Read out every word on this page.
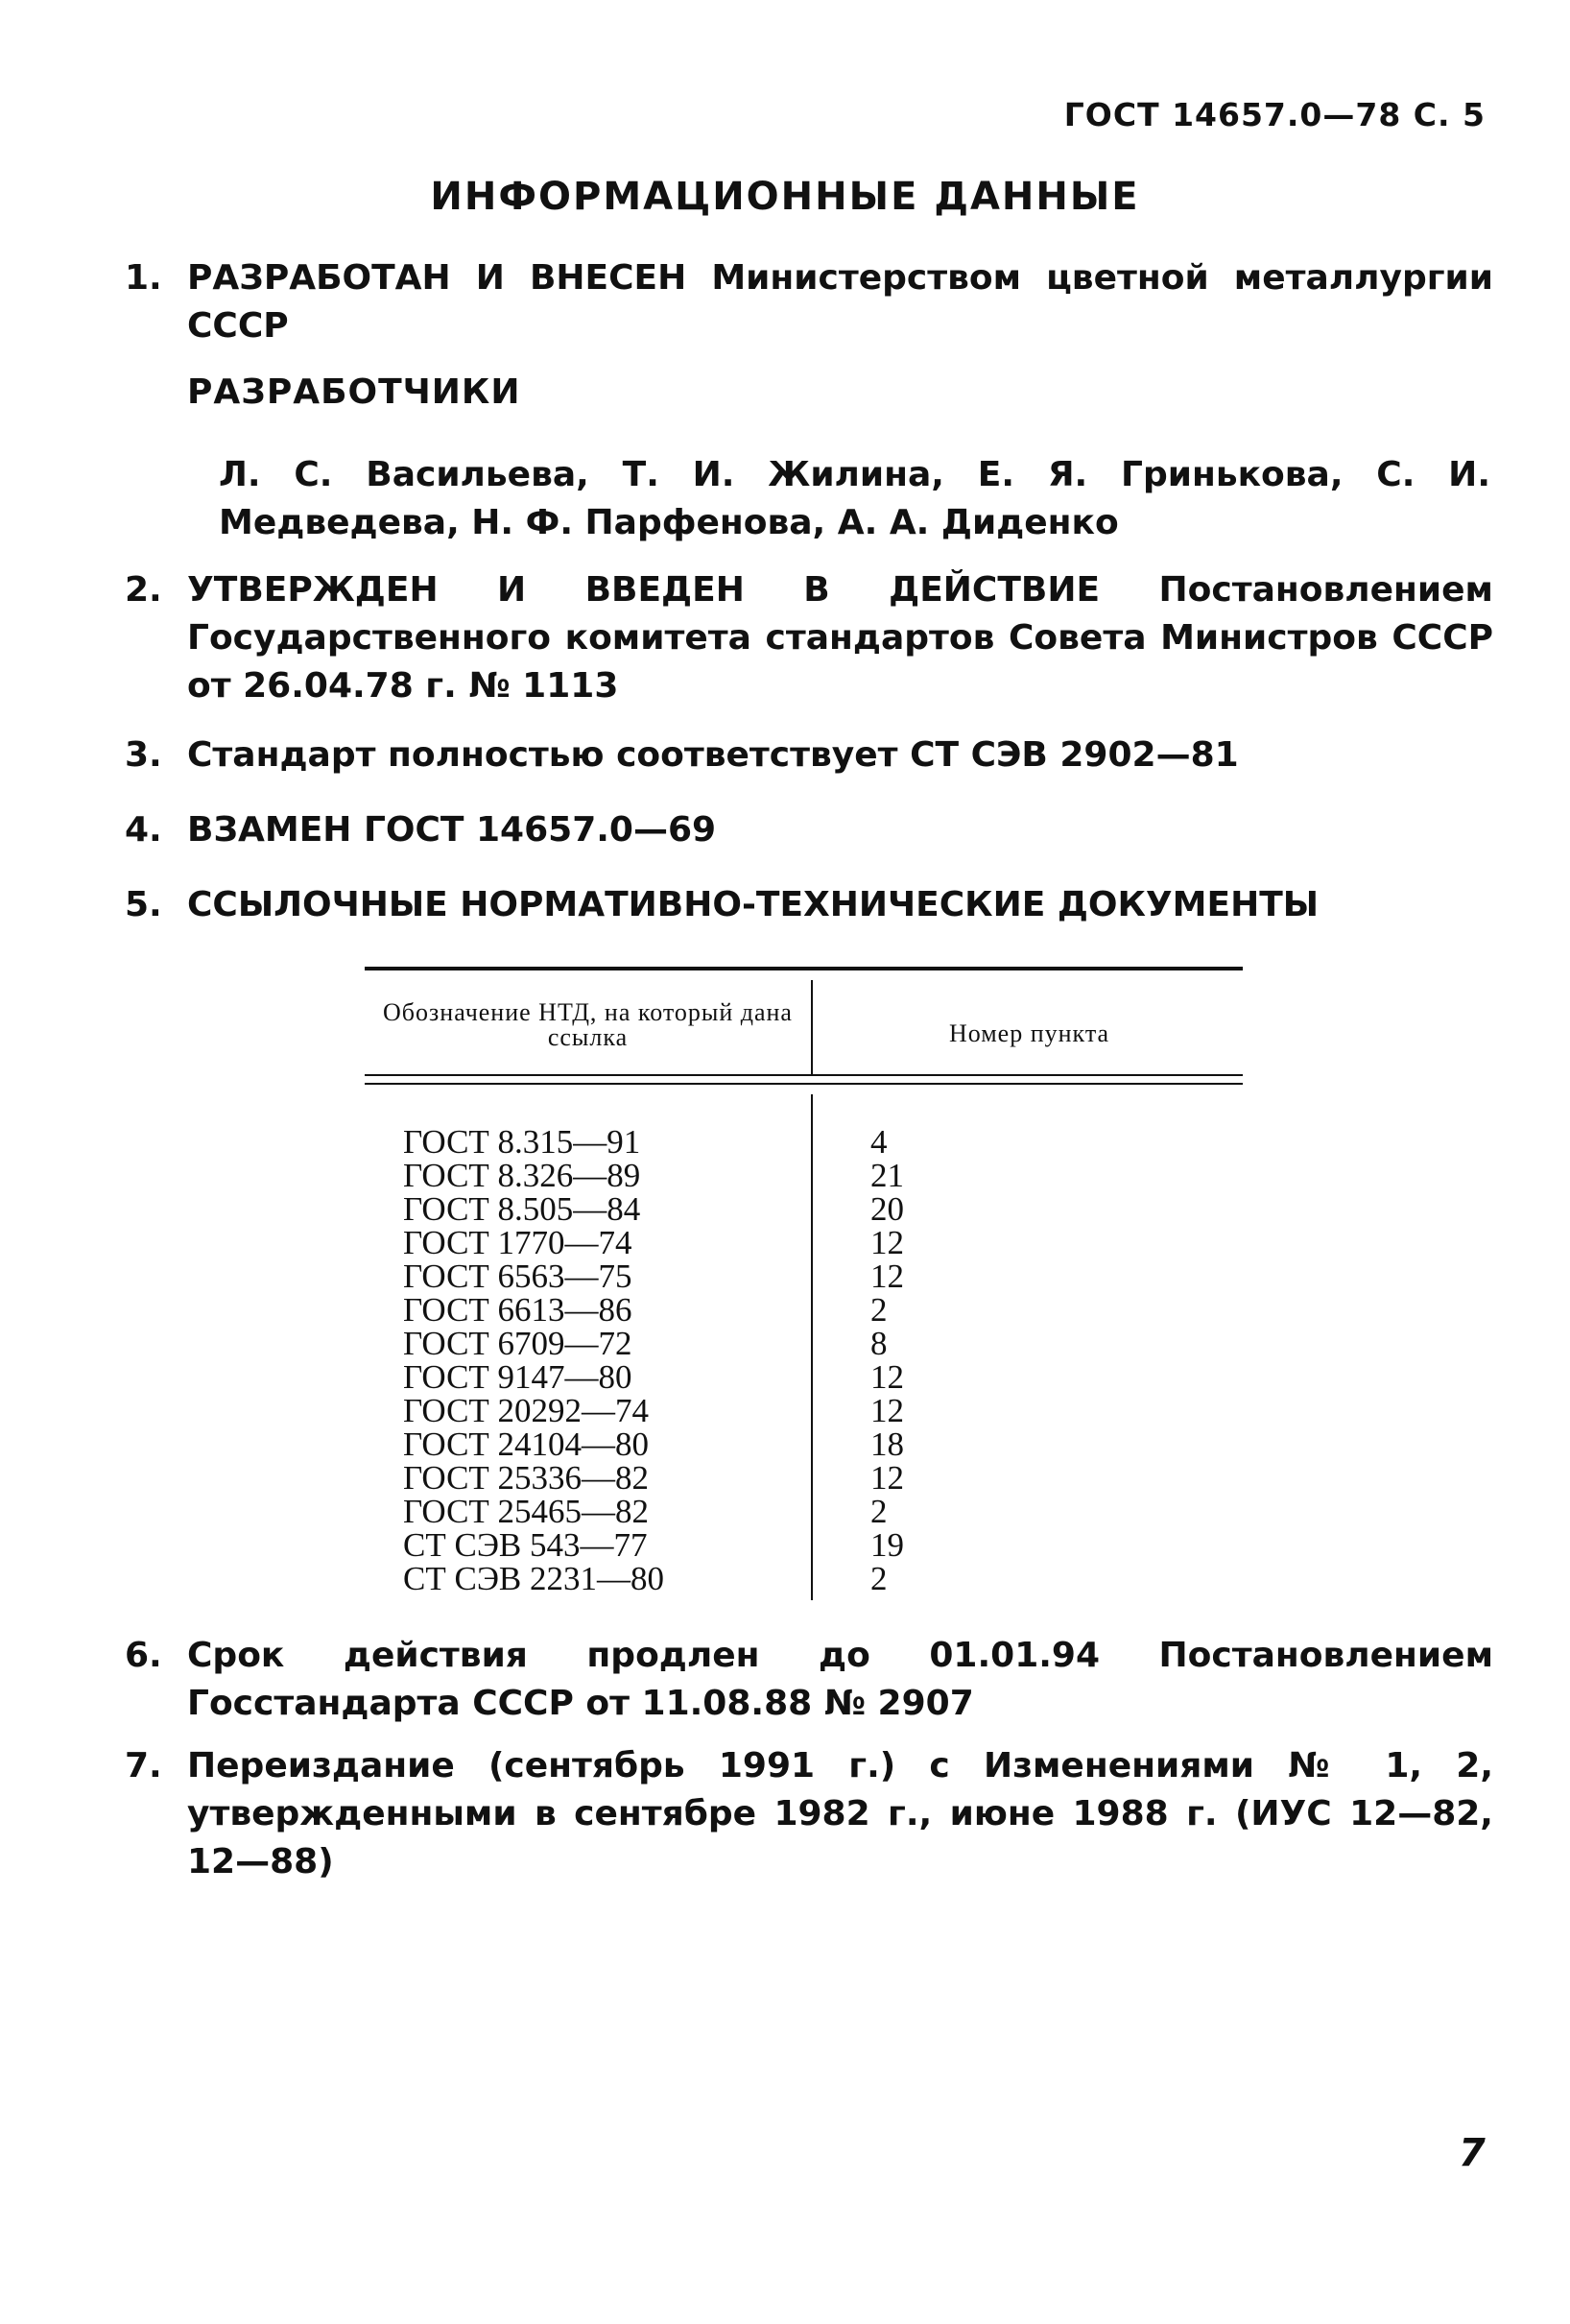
ГОСТ 14657.0—78 С. 5
ИНФОРМАЦИОННЫЕ ДАННЫЕ
1. РАЗРАБОТАН И ВНЕСЕН Министерством цветной металлургии СССР
РАЗРАБОТЧИКИ
Л. С. Васильева, Т. И. Жилина, Е. Я. Гринькова, С. И. Медведева, Н. Ф. Парфенова, А. А. Диденко
2. УТВЕРЖДЕН И ВВЕДЕН В ДЕЙСТВИЕ Постановлением Государственного комитета стандартов Совета Министров СССР от 26.04.78 г. № 1113
3. Стандарт полностью соответствует СТ СЭВ 2902—81
4. ВЗАМЕН ГОСТ 14657.0—69
5. ССЫЛОЧНЫЕ НОРМАТИВНО-ТЕХНИЧЕСКИЕ ДОКУМЕНТЫ
Обозначение НТД, на который дана ссылка	Номер пункта
ГОСТ 8.315—91
ГОСТ 8.326—89
ГОСТ 8.505—84
ГОСТ 1770—74
ГОСТ 6563—75
ГОСТ 6613—86
ГОСТ 6709—72
ГОСТ 9147—80
ГОСТ 20292—74
ГОСТ 24104—80
ГОСТ 25336—82
ГОСТ 25465—82
СТ СЭВ 543—77
СТ СЭВ 2231—80
4
21
20
12
12
2
8
12
12
18
12
2
19
2
6. Срок действия продлен до 01.01.94 Постановлением Госстандарта СССР от 11.08.88 № 2907
7. Переиздание (сентябрь 1991 г.) с Изменениями № 1, 2, утвержденными в сентябре 1982 г., июне 1988 г. (ИУС 12—82, 12—88)
7
